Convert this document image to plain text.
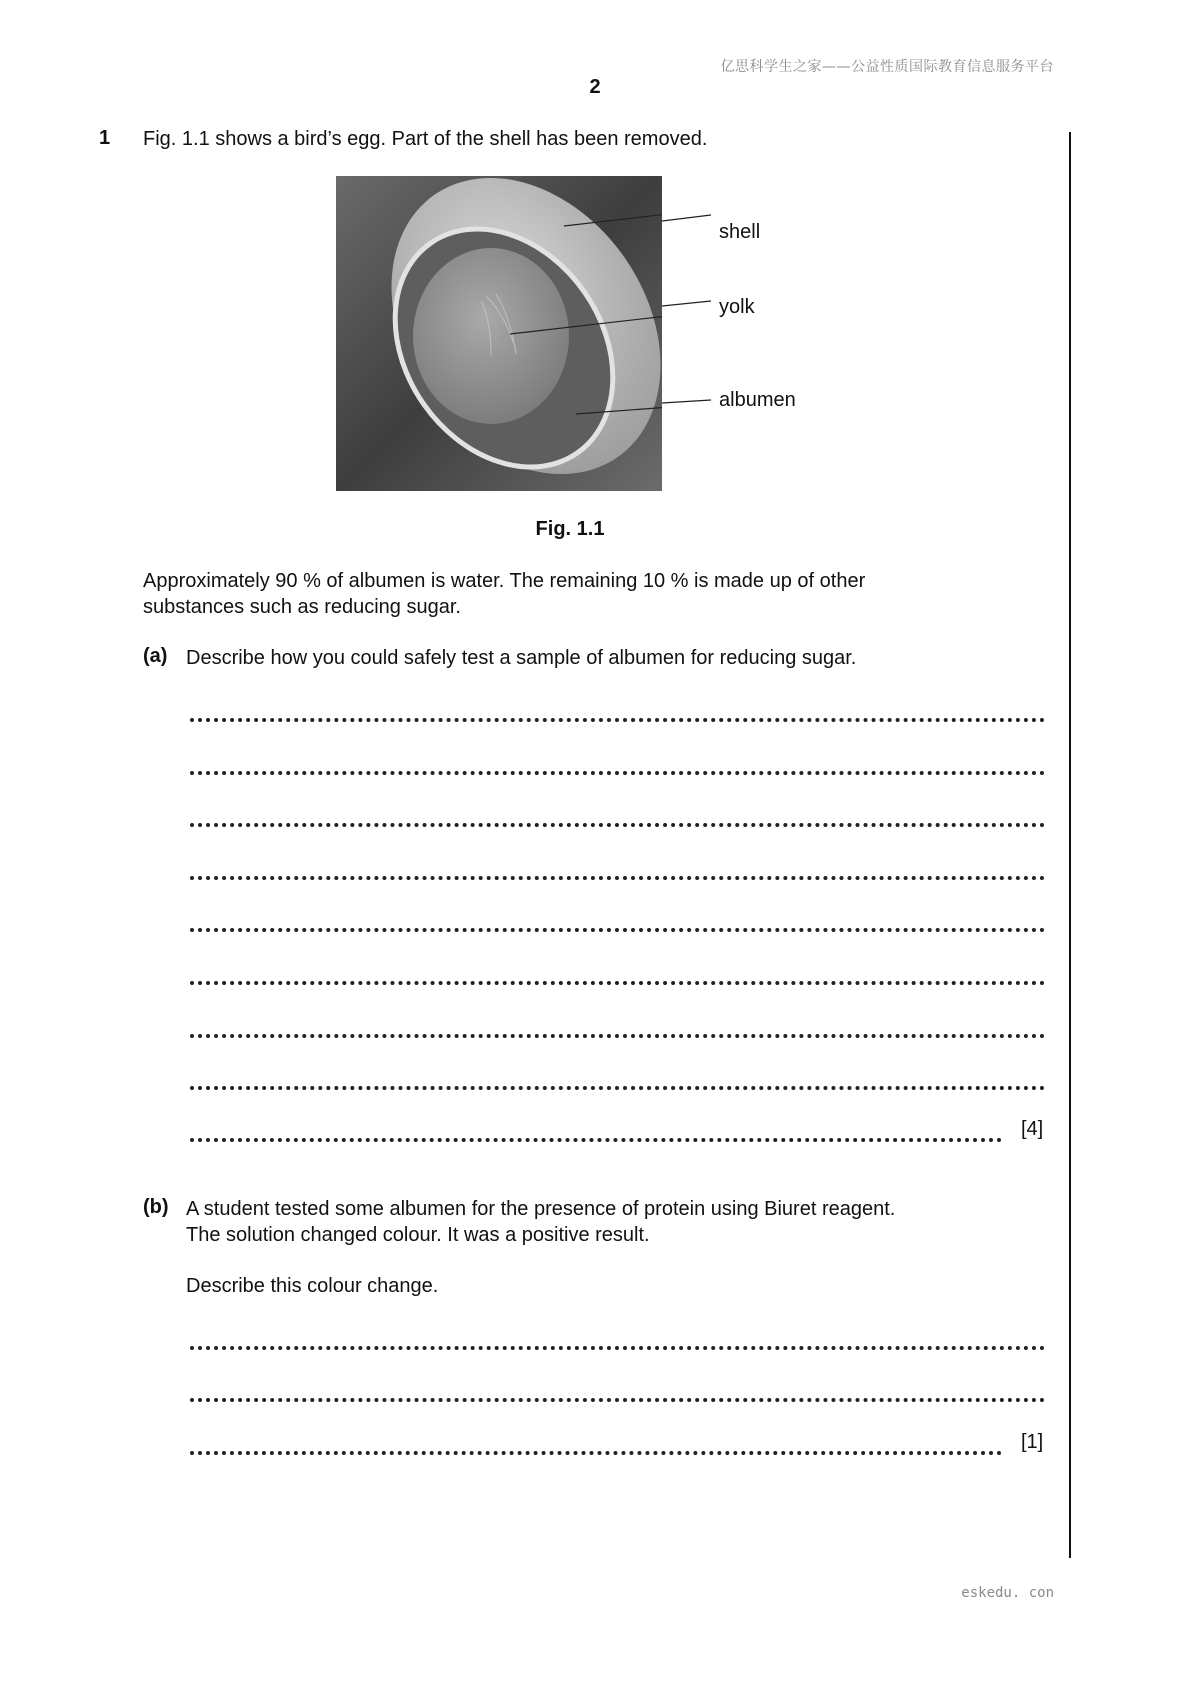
亿思科学生之家——公益性质国际教育信息服务平台
2
1 Fig. 1.1 shows a bird’s egg. Part of the shell has been removed.
shell
yolk
albumen
Fig. 1.1
Approximately 90 % of albumen is water. The remaining 10 % is made up of other
substances such as reducing sugar.
(a) Describe how you could safely test a sample of albumen for reducing sugar.
[4]
(b) A student tested some albumen for the presence of protein using Biuret reagent.
The solution changed colour. It was a positive result.
Describe this colour change.
[1]
eskedu. con
